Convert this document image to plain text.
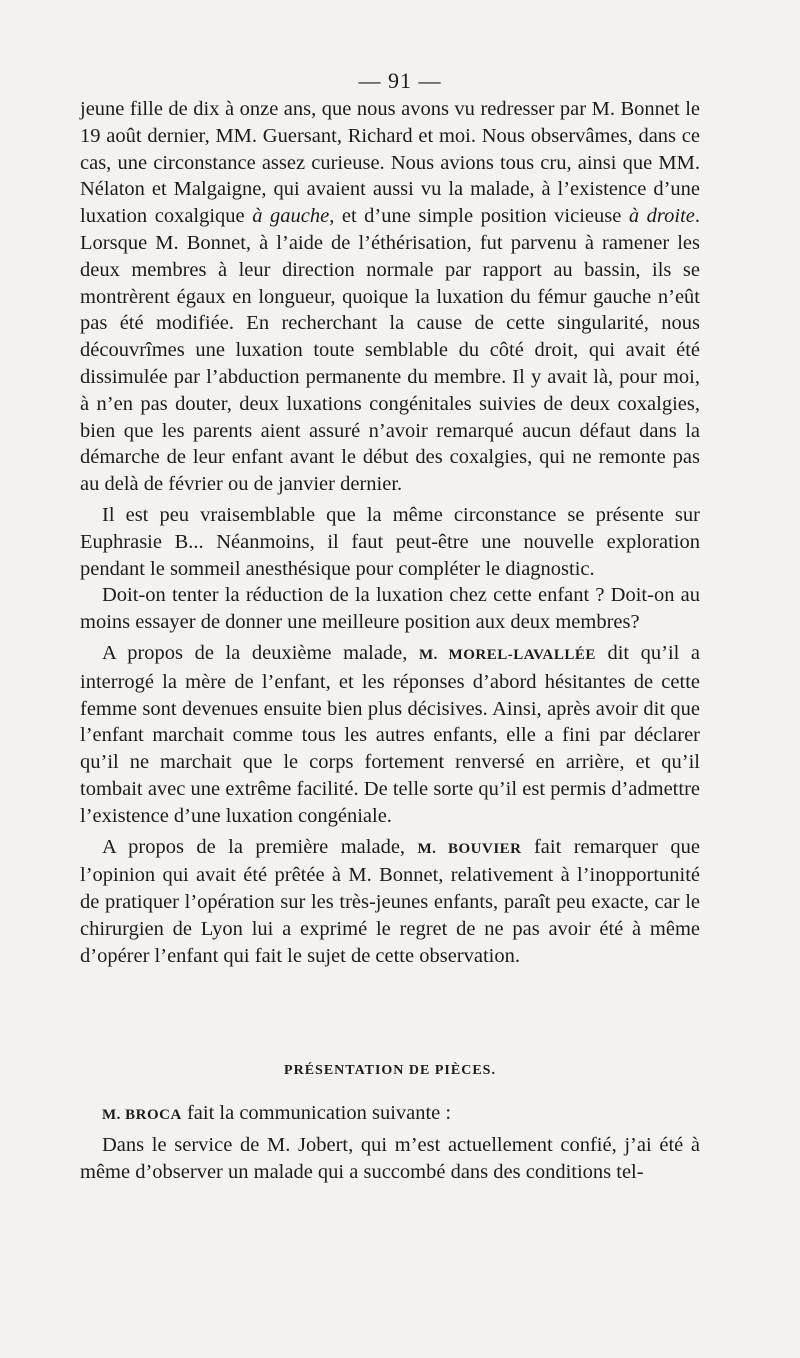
— 91 —

jeune fille de dix à onze ans, que nous avons vu redresser par M. Bonnet le 19 août dernier, MM. Guersant, Richard et moi. Nous observâmes, dans ce cas, une circonstance assez curieuse. Nous avions tous cru, ainsi que MM. Nélaton et Malgaigne, qui avaient aussi vu la malade, à l’existence d’une luxation coxalgique à gauche, et d’une simple position vicieuse à droite. Lorsque M. Bonnet, à l’aide de l’éthérisation, fut parvenu à ramener les deux membres à leur direction normale par rapport au bassin, ils se montrèrent égaux en longueur, quoique la luxation du fémur gauche n’eût pas été modifiée. En recherchant la cause de cette singularité, nous découvrîmes une luxation toute semblable du côté droit, qui avait été dissimulée par l’abduction permanente du membre. Il y avait là, pour moi, à n’en pas douter, deux luxations congénitales suivies de deux coxalgies, bien que les parents aient assuré n’avoir remarqué aucun défaut dans la démarche de leur enfant avant le début des coxalgies, qui ne remonte pas au delà de février ou de janvier dernier.

Il est peu vraisemblable que la même circonstance se présente sur Euphrasie B... Néanmoins, il faut peut-être une nouvelle exploration pendant le sommeil anesthésique pour compléter le diagnostic.

Doit-on tenter la réduction de la luxation chez cette enfant ? Doit-on au moins essayer de donner une meilleure position aux deux membres?

A propos de la deuxième malade, M. MOREL-LAVALLÉE dit qu’il a interrogé la mère de l’enfant, et les réponses d’abord hésitantes de cette femme sont devenues ensuite bien plus décisives. Ainsi, après avoir dit que l’enfant marchait comme tous les autres enfants, elle a fini par déclarer qu’il ne marchait que le corps fortement renversé en arrière, et qu’il tombait avec une extrême facilité. De telle sorte qu’il est permis d’admettre l’existence d’une luxation congéniale.

A propos de la première malade, M. BOUVIER fait remarquer que l’opinion qui avait été prêtée à M. Bonnet, relativement à l’inopportunité de pratiquer l’opération sur les très-jeunes enfants, paraît peu exacte, car le chirurgien de Lyon lui a exprimé le regret de ne pas avoir été à même d’opérer l’enfant qui fait le sujet de cette observation.

PRÉSENTATION DE PIÈCES.

M. BROCA fait la communication suivante :

Dans le service de M. Jobert, qui m’est actuellement confié, j’ai été à même d’observer un malade qui a succombé dans des conditions tel-
